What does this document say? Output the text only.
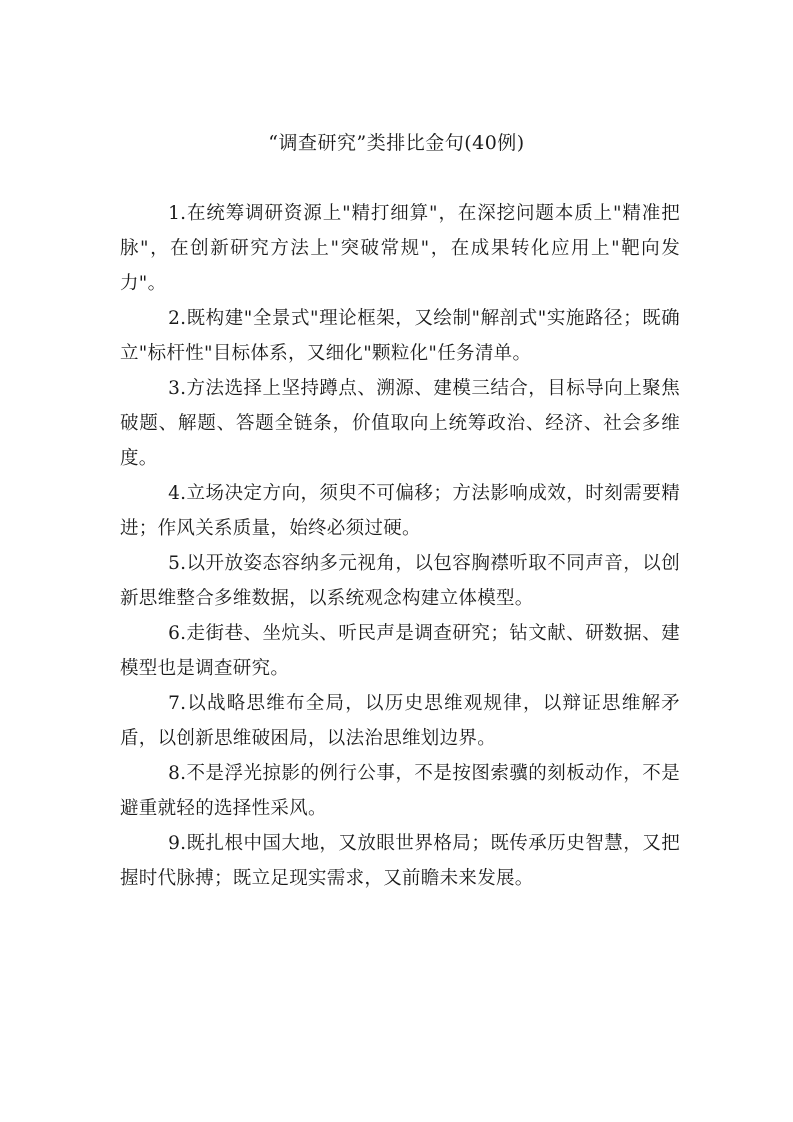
“调查研究”类排比金句(40例)

1.在统筹调研资源上"精打细算"，在深挖问题本质上"精准把脉"，在创新研究方法上"突破常规"，在成果转化应用上"靶向发力"。

2.既构建"全景式"理论框架，又绘制"解剖式"实施路径；既确立"标杆性"目标体系，又细化"颗粒化"任务清单。

3.方法选择上坚持蹲点、溯源、建模三结合，目标导向上聚焦破题、解题、答题全链条，价值取向上统筹政治、经济、社会多维度。

4.立场决定方向，须臾不可偏移；方法影响成效，时刻需要精进；作风关系质量，始终必须过硬。

5.以开放姿态容纳多元视角，以包容胸襟听取不同声音，以创新思维整合多维数据，以系统观念构建立体模型。

6.走街巷、坐炕头、听民声是调查研究；钻文献、研数据、建模型也是调查研究。

7.以战略思维布全局，以历史思维观规律，以辩证思维解矛盾，以创新思维破困局，以法治思维划边界。

8.不是浮光掠影的例行公事，不是按图索骥的刻板动作，不是避重就轻的选择性采风。

9.既扎根中国大地，又放眼世界格局；既传承历史智慧，又把握时代脉搏；既立足现实需求，又前瞻未来发展。
